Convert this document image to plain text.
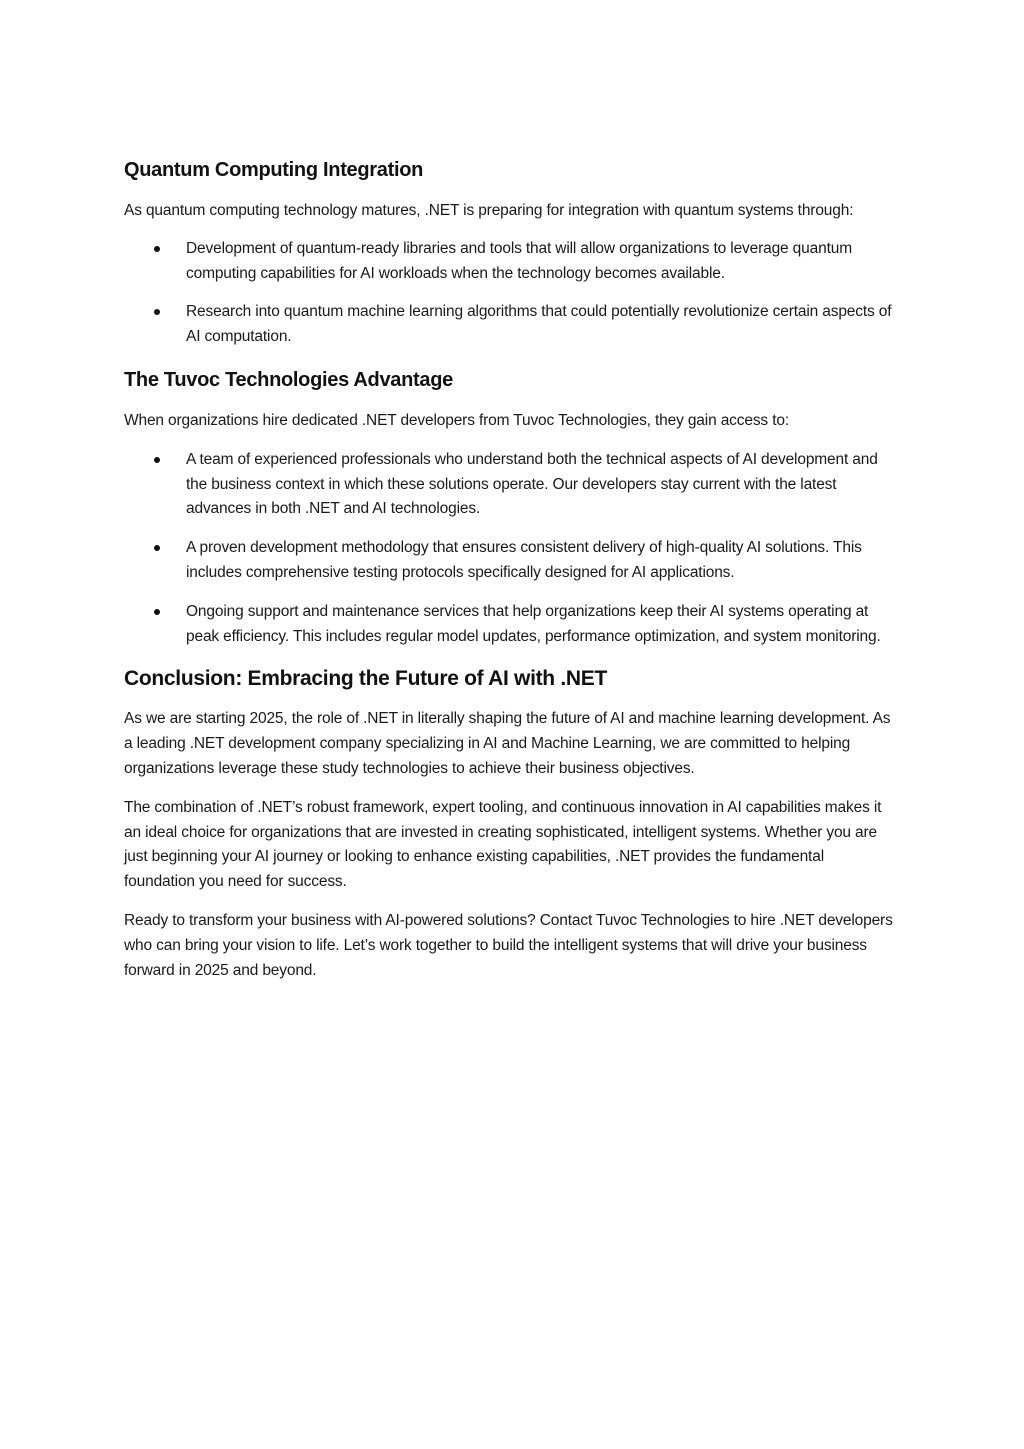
Quantum Computing Integration

As quantum computing technology matures, .NET is preparing for integration with quantum systems through:

Development of quantum-ready libraries and tools that will allow organizations to leverage quantum computing capabilities for AI workloads when the technology becomes available.
Research into quantum machine learning algorithms that could potentially revolutionize certain aspects of AI computation.
The Tuvoc Technologies Advantage

When organizations hire dedicated .NET developers from Tuvoc Technologies, they gain access to:

A team of experienced professionals who understand both the technical aspects of AI development and the business context in which these solutions operate. Our developers stay current with the latest advances in both .NET and AI technologies.
A proven development methodology that ensures consistent delivery of high-quality AI solutions. This includes comprehensive testing protocols specifically designed for AI applications.
Ongoing support and maintenance services that help organizations keep their AI systems operating at peak efficiency. This includes regular model updates, performance optimization, and system monitoring.
Conclusion: Embracing the Future of AI with .NET

As we are starting 2025, the role of .NET in literally shaping the future of AI and machine learning development. As a leading .NET development company specializing in AI and Machine Learning, we are committed to helping organizations leverage these study technologies to achieve their business objectives.

The combination of .NET’s robust framework, expert tooling, and continuous innovation in AI capabilities makes it an ideal choice for organizations that are invested in creating sophisticated, intelligent systems. Whether you are just beginning your AI journey or looking to enhance existing capabilities, .NET provides the fundamental foundation you need for success.

Ready to transform your business with AI-powered solutions? Contact Tuvoc Technologies to hire .NET developers who can bring your vision to life. Let’s work together to build the intelligent systems that will drive your business forward in 2025 and beyond.
